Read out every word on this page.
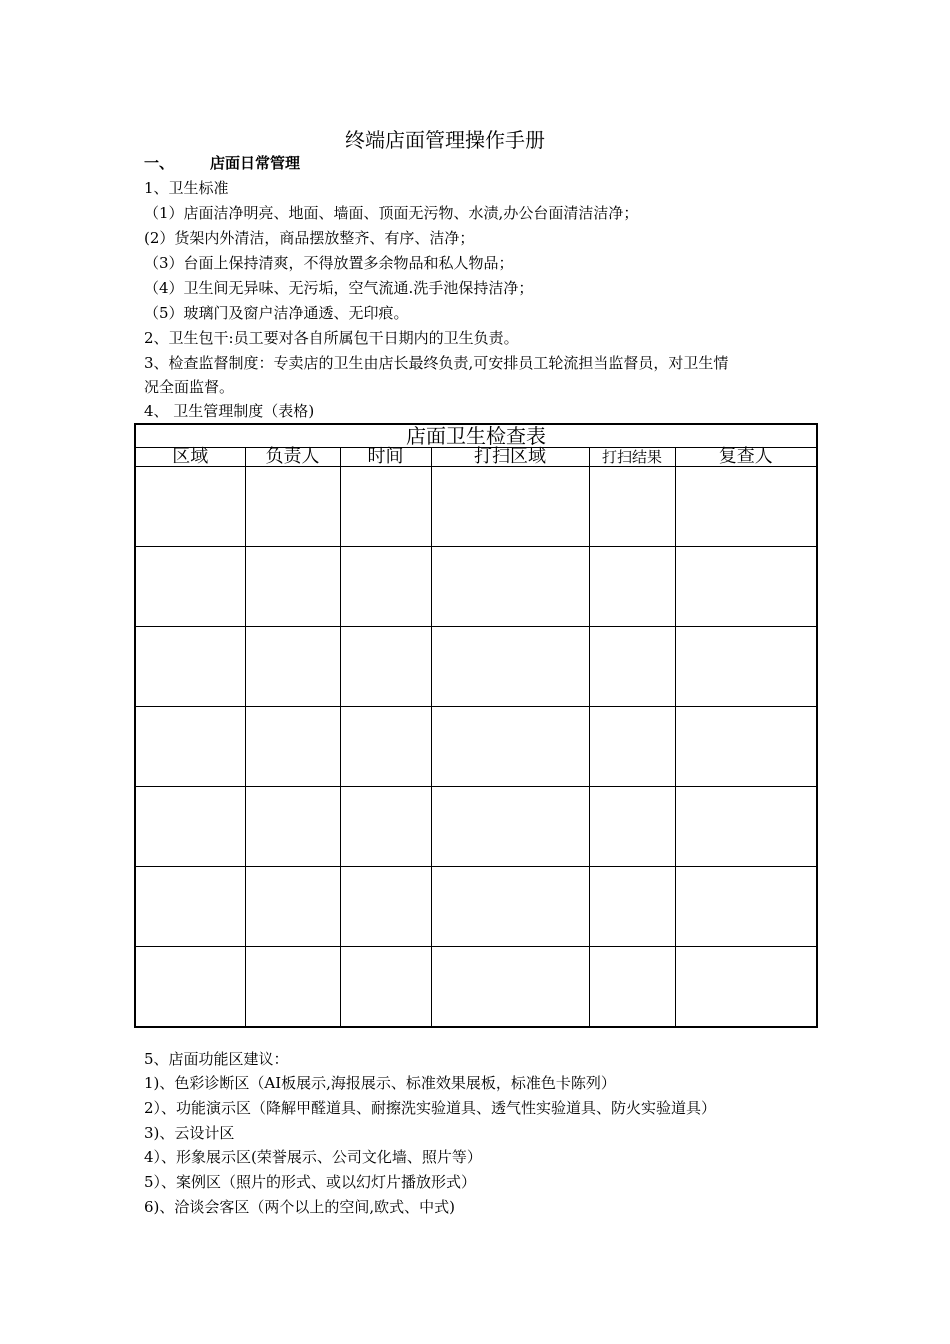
终端店面管理操作手册
一、 店面日常管理
1、卫生标准
（1）店面洁净明亮、地面、墙面、顶面无污物、水渍,办公台面清洁洁净；
(2）货架内外清洁，商品摆放整齐、有序、洁净；
（3）台面上保持清爽，不得放置多余物品和私人物品；
（4）卫生间无异味、无污垢，空气流通.洗手池保持洁净；
（5）玻璃门及窗户洁净通透、无印痕。
2、卫生包干:员工要对各自所属包干日期内的卫生负责。
3、检查监督制度：专卖店的卫生由店长最终负责,可安排员工轮流担当监督员，对卫生情
况全面监督。
4、 卫生管理制度（表格)
店面卫生检查表					
区域	负责人	时间	打扫区域	打扫结果	复查人

5、店面功能区建议：
1)、色彩诊断区（AI板展示,海报展示、标准效果展板，标准色卡陈列）
2）、功能演示区（降解甲醛道具、耐擦洗实验道具、透气性实验道具、防火实验道具）
3)、云设计区
4）、形象展示区(荣誉展示、公司文化墙、照片等）
5）、案例区（照片的形式、或以幻灯片播放形式）
6)、洽谈会客区（两个以上的空间,欧式、中式)
